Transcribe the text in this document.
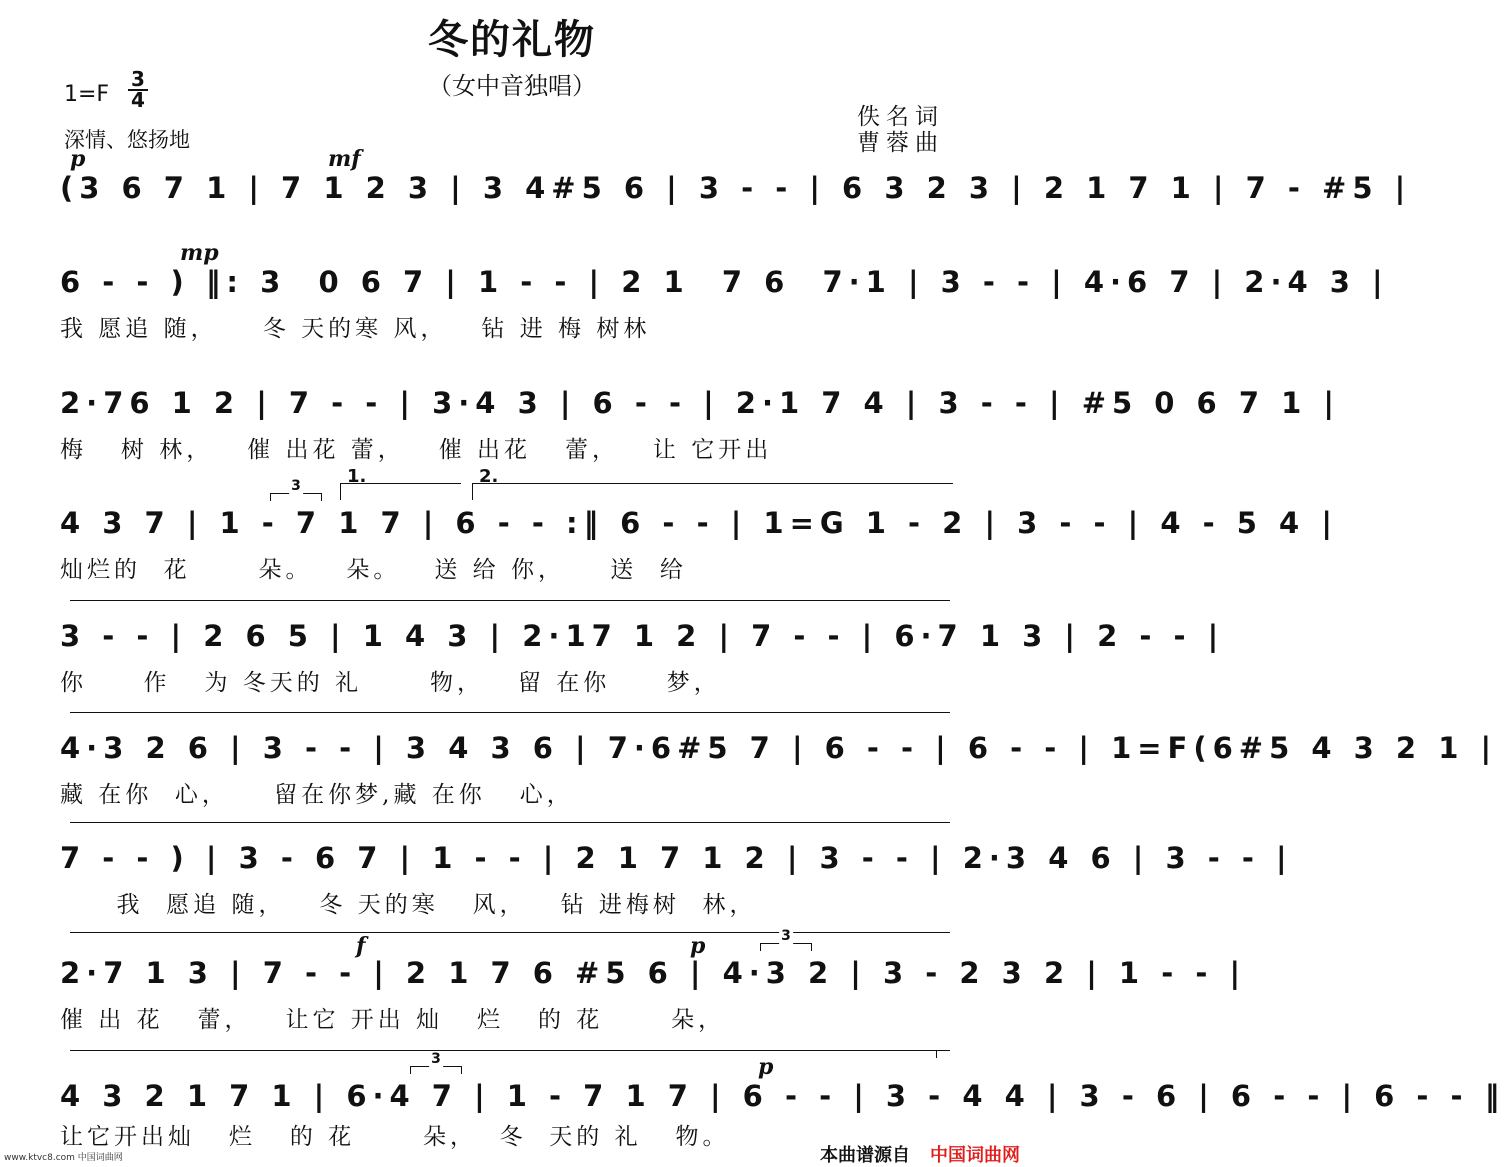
冬的礼物
（女中音独唱）
$1=F \frac{3}{4}$
深情、悠扬地
佚名词
曹蓉曲
p	mf
(3 6 7 1 | 7 1 2 3 | 3 4#5 6 | 3 - - | 6 3 2 3 | 2 1 7 1 | 7 - #5 |
mp
6 - - ) ‖: 3  0 6 7 | 1 - - | 2 1  7 6  7·1 | 3 - - | 4·6 7 | 2·4 3 |
我 愿追 随，    冬 天的寒 风，   钻 进 梅 树林
2·76 1 2 | 7 - - | 3·4 3 | 6 - - | 2·1 7 4 | 3 - - | #5 0 6 7 1 |
梅   树 林，   催 出花 蕾，   催 出花   蕾，   让 它开出
1.	2.
3
4 3 7 | 1 - 7 1 7 | 6 - - :‖ 6 - - | 1=G 1 - 2 | 3 - - | 4 - 5 4 |
灿烂的  花      朵。   朵。   送 给 你，    送  给
3 - - | 2 6 5 | 1 4 3 | 2·17 1 2 | 7 - - | 6·7 1 3 | 2 - - |
你     作   为 冬天的 礼      物，   留 在你     梦，
4·3 2 6 | 3 - - | 3 4 3 6 | 7·6#5 7 | 6 - - | 6 - - | 1=F(6#5 4 3 2 1 |
藏 在你  心，    留在你梦,藏 在你   心，
7 - - ) | 3 - 6 7 | 1 - - | 2 1 7 1 2 | 3 - - | 2·3 4 6 | 3 - - |
我  愿追 随，   冬 天的寒   风，   钻 进梅树  林，
f	p	3
2·7 1 3 | 7 - - | 2 1 7 6 #5 6 | 4·3 2 | 3 - 2 3 2 | 1 - - |
催 出 花   蕾，   让它 开出 灿   烂   的 花      朵，
p
3
4 3 2 1 7 1 | 6·4 7 | 1 - 7 1 7 | 6 - - | 3 - 4 4 | 3 - 6 | 6 - - | 6 - - ‖
让它开出灿   烂   的 花      朵，  冬  天的 礼   物。
www.ktvc8.com 中国词曲网	本曲谱源自 中国词曲网
